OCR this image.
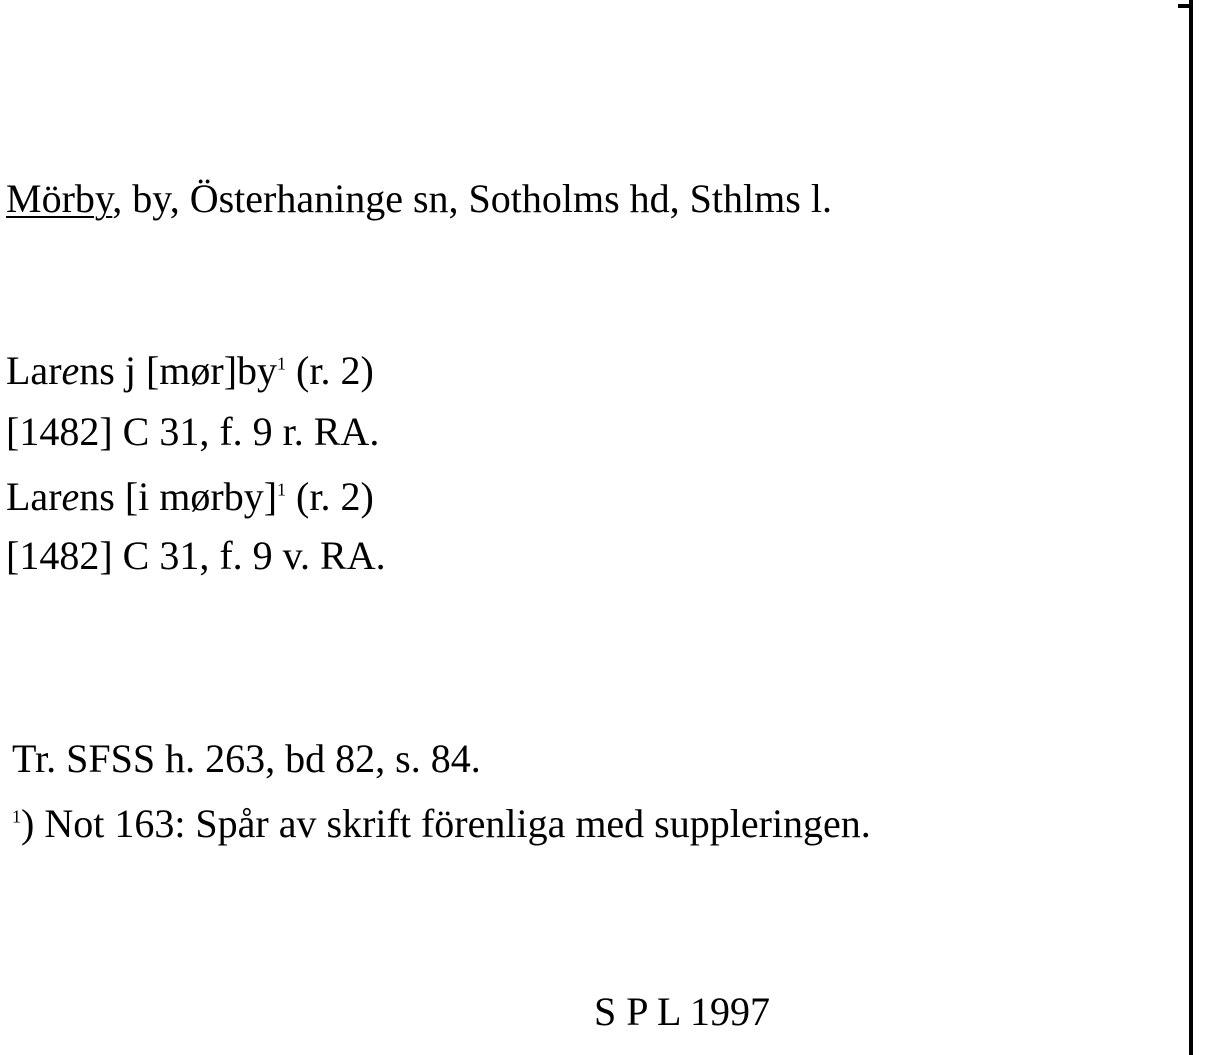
Mörby, by, Österhaninge sn, Sotholms hd, Sthlms l.
Larens j $[mør]by^1$ (r. 2)
[1482] C 31, f. 9 r. RA.
Larens [i mørby]$^1$ (r. 2)
[1482] C 31, f. 9 v. RA.
Tr. SFSS h. 263, bd 82, s. 84.
$^1$) Not 163: Spår av skrift förenliga med suppleringen.
S P L 1997
